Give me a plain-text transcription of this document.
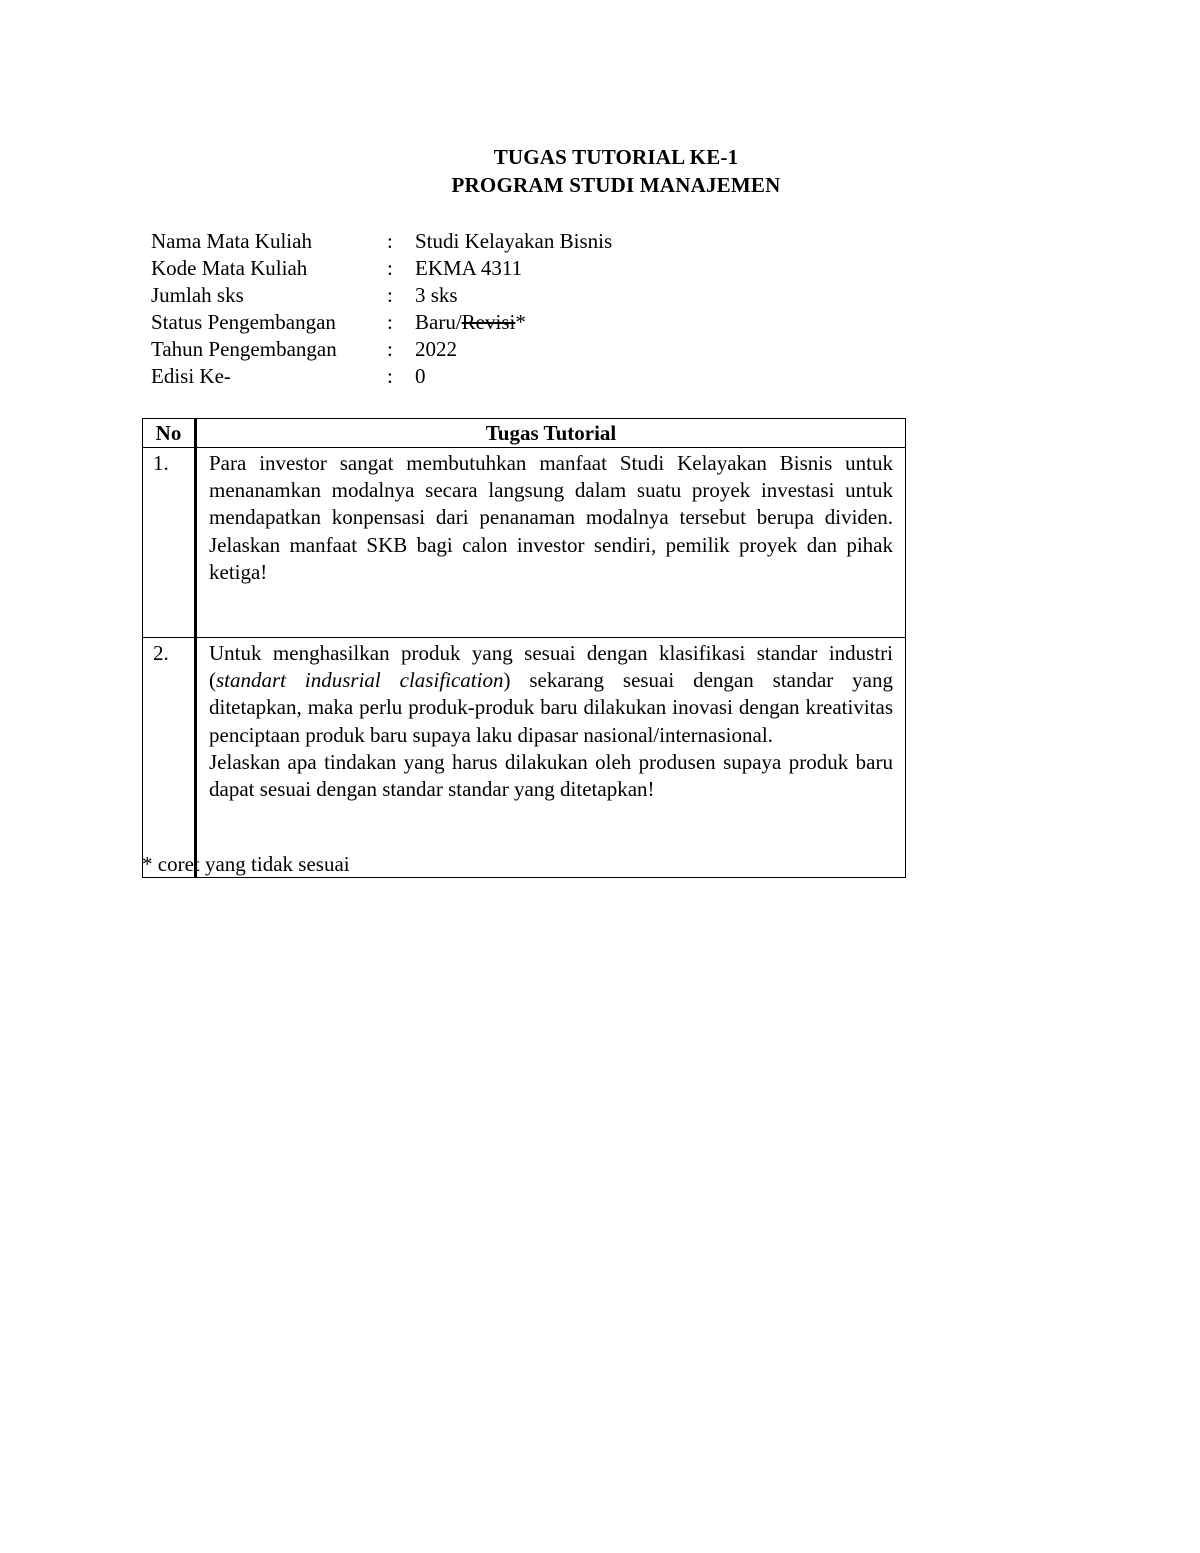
TUGAS TUTORIAL KE-1
PROGRAM STUDI MANAJEMEN
Nama Mata Kuliah	:	Studi Kelayakan Bisnis
Kode Mata Kuliah	:	EKMA 4311
Jumlah sks	:	3 sks
Status Pengembangan	:	Baru/Revisi*
Tahun Pengembangan	:	2022
Edisi Ke-	:	0
No	Tugas Tutorial

1.	Para investor sangat membutuhkan manfaat Studi Kelayakan Bisnis untuk menanamkan modalnya secara langsung dalam suatu proyek investasi untuk mendapatkan konpensasi dari penanaman modalnya tersebut berupa dividen. Jelaskan manfaat SKB bagi calon investor sendiri, pemilik proyek dan pihak ketiga!

2.	Untuk menghasilkan produk yang sesuai dengan klasifikasi standar industri (standart indusrial clasification) sekarang sesuai dengan standar yang ditetapkan, maka perlu produk-produk baru dilakukan inovasi dengan kreativitas penciptaan produk baru supaya laku dipasar nasional/internasional.

Jelaskan apa tindakan yang harus dilakukan oleh produsen supaya produk baru dapat sesuai dengan standar standar yang ditetapkan!

* coret yang tidak sesuai
